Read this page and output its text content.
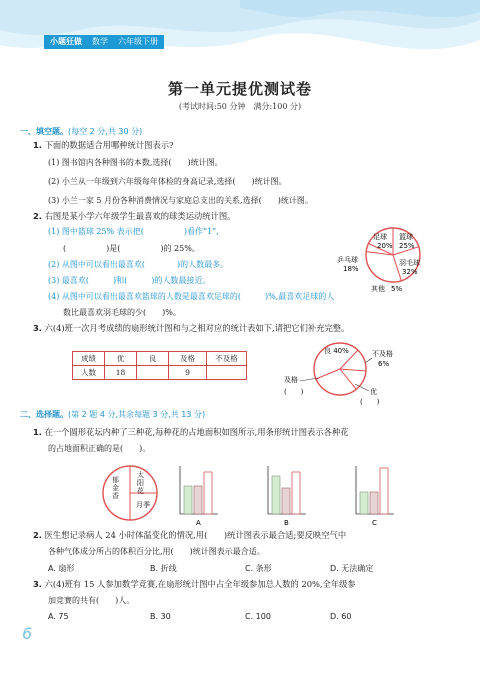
小题狂做 数学 六年级下册
第一单元提优测试卷
(考试时间:50 分钟　满分:100 分)
一、填空题。(每空 2 分,共 30 分)
1. 下面的数据适合用哪种统计图表示?
(1) 图书馆内各种图书的本数,选择(　　)统计图。
(2) 小兰从一年级到六年级每年体检的身高记录,选择(　　)统计图。
(3) 小兰一家 5 月份各种消费情况与家庭总支出的关系,选择(　　)统计图。
2. 右图是某小学六年级学生最喜欢的球类运动统计图。
(1) 图中篮球 25% 表示把(　　　　　)看作“1”,
(　　　　　)是(　　　　　)的 25%。
(2) 从图中可以看出最喜欢(　　　　)的人数最多。
(3) 最喜欢(　　　)和(　　　)的人数最接近。
(4) 从图中可以看出最喜欢篮球的人数是最喜欢足球的(　　　)%,最喜欢足球的人
数比最喜欢羽毛球的少(　　)%。
足球
20%
篮球
25%
羽毛球
32%
乒乓球
18%
其他 5%
3. 六(4)班一次月考成绩的扇形统计图和与之相对应的统计表如下,请把它们补充完整。
成绩	优	良	及格	不及格
人数	18		9	
良 40%	不及格
6%
及格
(　　)	优
(　　)
二、选择题。(第 2 题 4 分,其余每题 3 分,共 13 分)
1. 在一个圆形花坛内种了三种花,每种花的占地面积如图所示,用条形统计图表示各种花
的占地面积正确的是(　　)。
月季
郁金香
太阳花
A	B	C
2. 医生想记录病人 24 小时体温变化的情况,用(　　)统计图表示最合适;要反映空气中
各种气体成分所占的体积百分比,用(　　)统计图表示最合适。
A. 扇形	B. 折线	C. 条形	D. 无法确定
3. 六(4)班有 15 人参加数学竞赛,在扇形统计图中占全年级参加总人数的 20%,全年级参
加竞赛的共有(　　)人。
A. 75	B. 30	C. 100	D. 60
6
